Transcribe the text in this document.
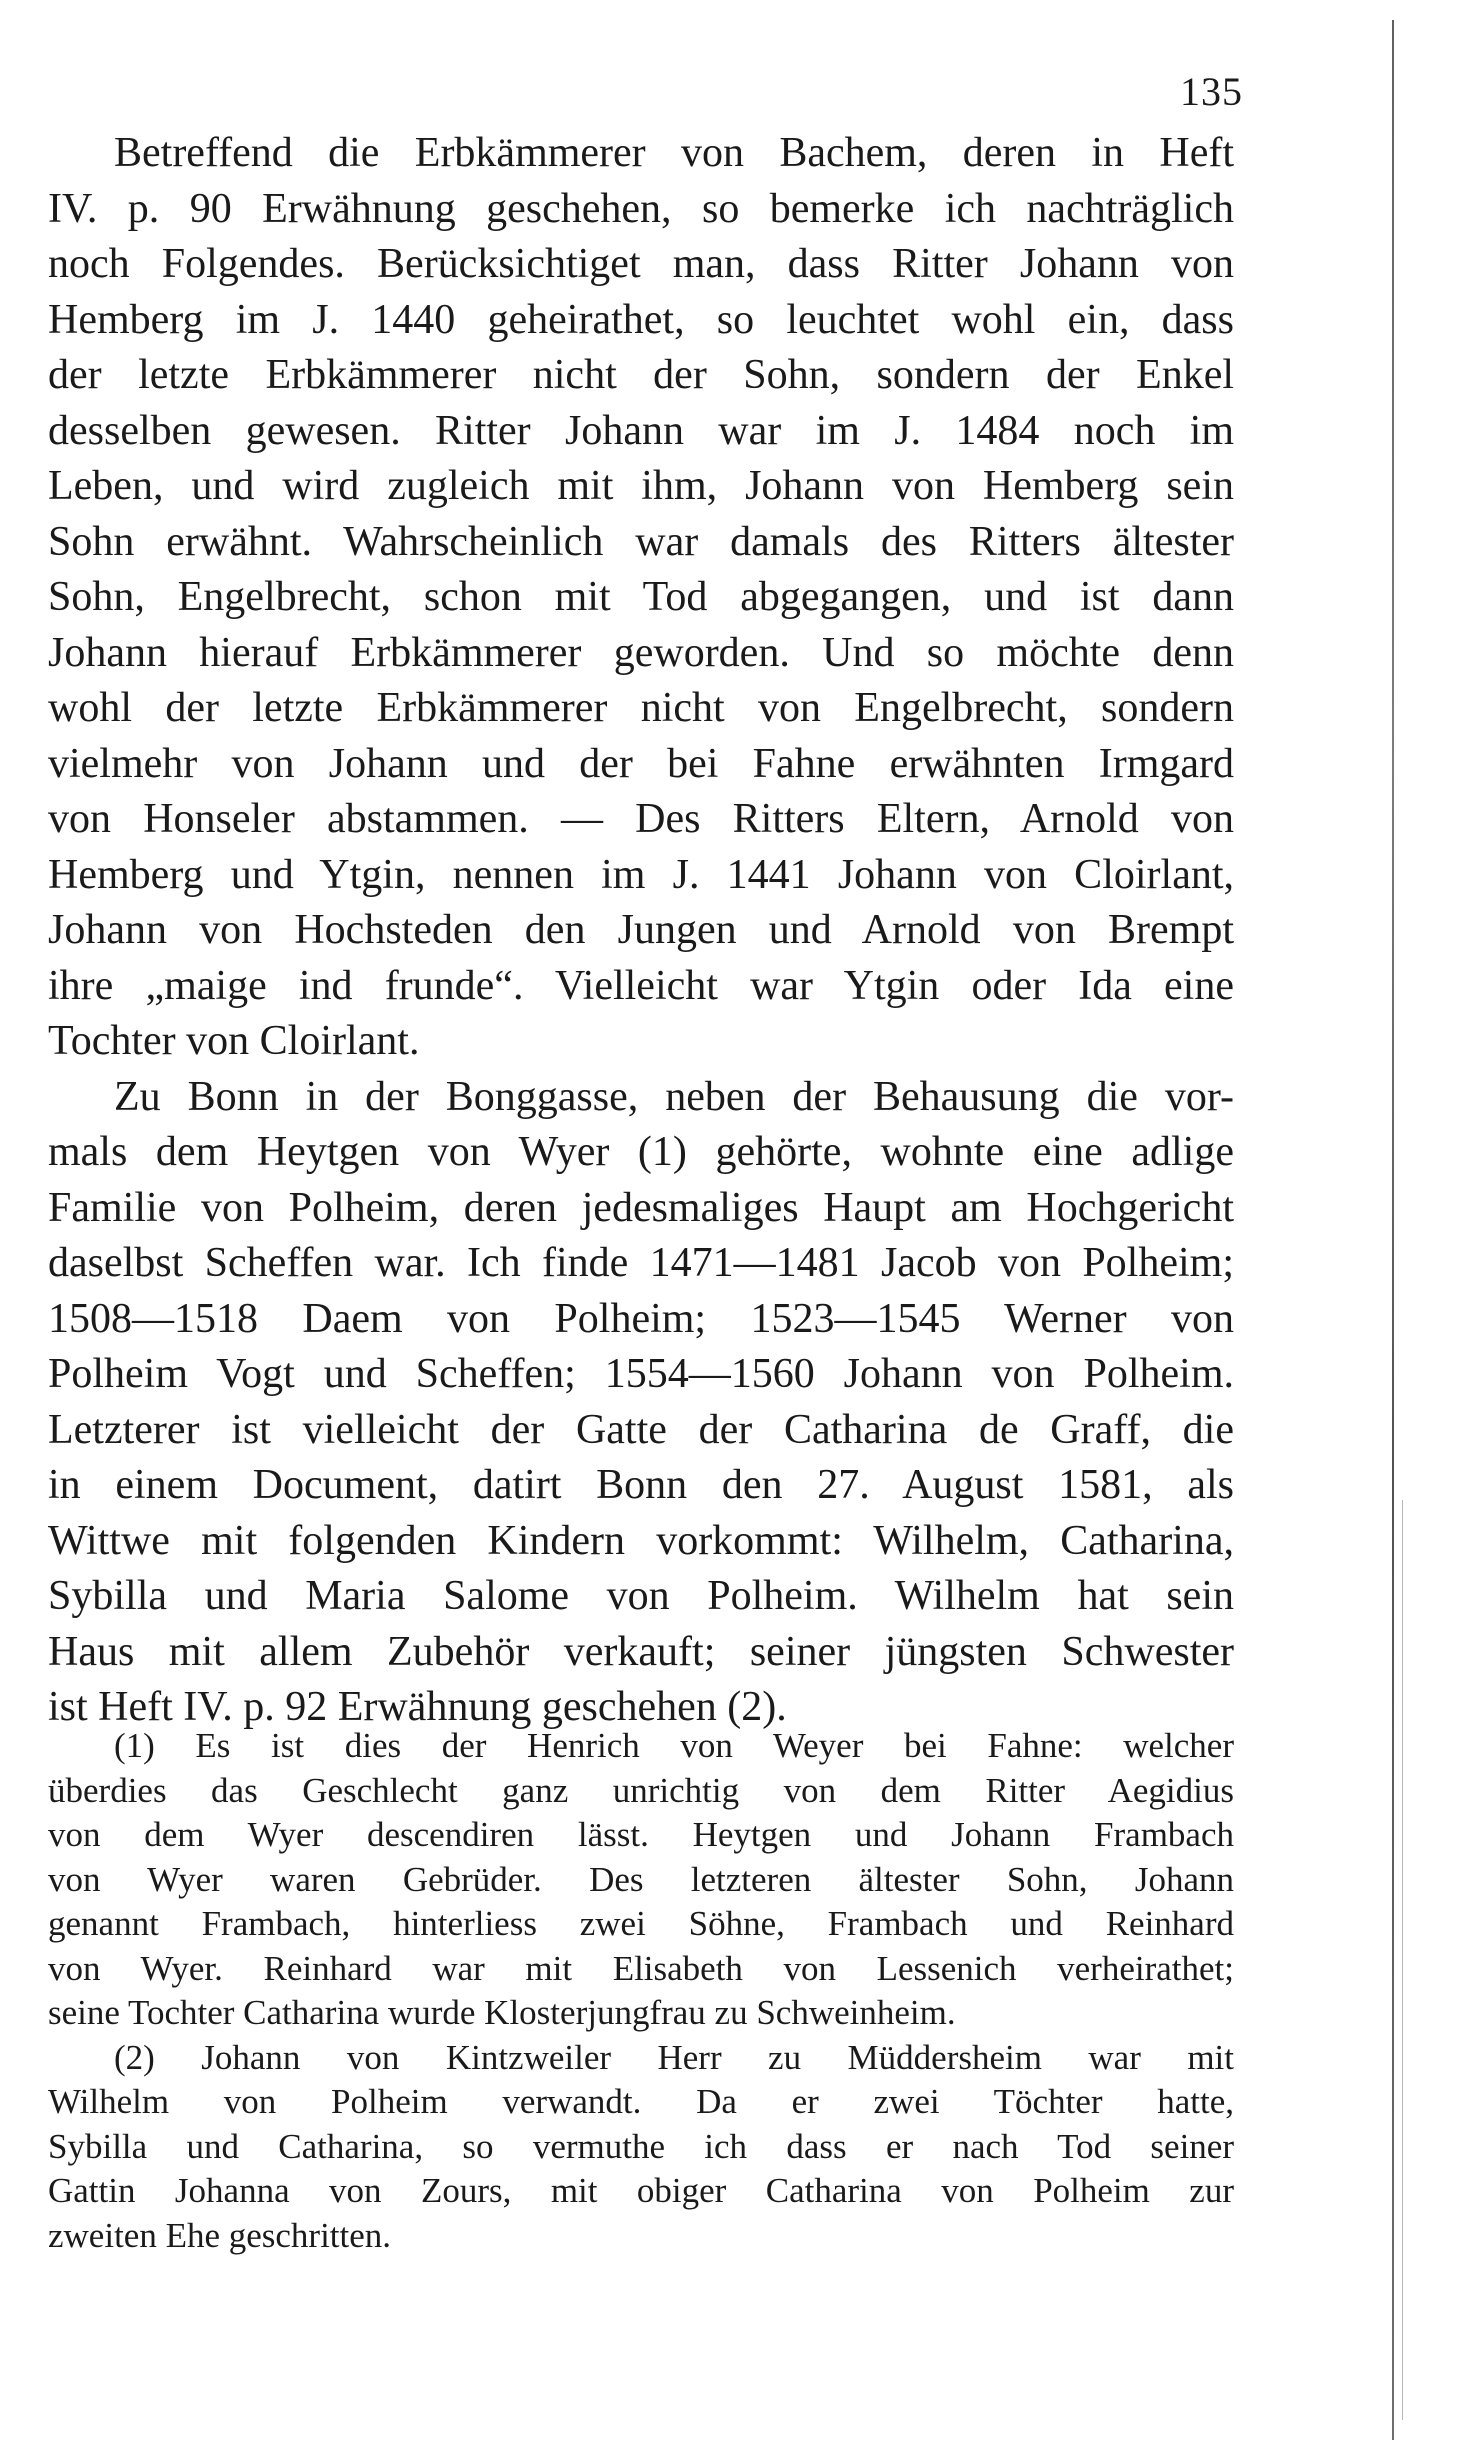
135
Betreffend die Erbkämmerer von Bachem, deren in Heft
IV. p. 90 Erwähnung geschehen, so bemerke ich nachträglich
noch Folgendes. Berücksichtiget man, dass Ritter Johann von
Hemberg im J. 1440 geheirathet, so leuchtet wohl ein, dass
der letzte Erbkämmerer nicht der Sohn, sondern der Enkel
desselben gewesen. Ritter Johann war im J. 1484 noch im
Leben, und wird zugleich mit ihm, Johann von Hemberg sein
Sohn erwähnt. Wahrscheinlich war damals des Ritters ältester
Sohn, Engelbrecht, schon mit Tod abgegangen, und ist dann
Johann hierauf Erbkämmerer geworden. Und so möchte denn
wohl der letzte Erbkämmerer nicht von Engelbrecht, sondern
vielmehr von Johann und der bei Fahne erwähnten Irmgard
von Honseler abstammen. — Des Ritters Eltern, Arnold von
Hemberg und Ytgin, nennen im J. 1441 Johann von Cloirlant,
Johann von Hochsteden den Jungen und Arnold von Brempt
ihre „maige ind frunde“. Vielleicht war Ytgin oder Ida eine
Tochter von Cloirlant.
Zu Bonn in der Bonggasse, neben der Behausung die vor-
mals dem Heytgen von Wyer (1) gehörte, wohnte eine adlige
Familie von Polheim, deren jedesmaliges Haupt am Hochgericht
daselbst Scheffen war. Ich finde 1471—1481 Jacob von Polheim;
1508—1518 Daem von Polheim; 1523—1545 Werner von
Polheim Vogt und Scheffen; 1554—1560 Johann von Polheim.
Letzterer ist vielleicht der Gatte der Catharina de Graff, die
in einem Document, datirt Bonn den 27. August 1581, als
Wittwe mit folgenden Kindern vorkommt: Wilhelm, Catharina,
Sybilla und Maria Salome von Polheim. Wilhelm hat sein
Haus mit allem Zubehör verkauft; seiner jüngsten Schwester
ist Heft IV. p. 92 Erwähnung geschehen (2).
(1) Es ist dies der Henrich von Weyer bei Fahne: welcher
überdies das Geschlecht ganz unrichtig von dem Ritter Aegidius
von dem Wyer descendiren lässt. Heytgen und Johann Frambach
von Wyer waren Gebrüder. Des letzteren ältester Sohn, Johann
genannt Frambach, hinterliess zwei Söhne, Frambach und Reinhard
von Wyer. Reinhard war mit Elisabeth von Lessenich verheirathet;
seine Tochter Catharina wurde Klosterjungfrau zu Schweinheim.
(2) Johann von Kintzweiler Herr zu Müddersheim war mit
Wilhelm von Polheim verwandt. Da er zwei Töchter hatte,
Sybilla und Catharina, so vermuthe ich dass er nach Tod seiner
Gattin Johanna von Zours, mit obiger Catharina von Polheim zur
zweiten Ehe geschritten.
